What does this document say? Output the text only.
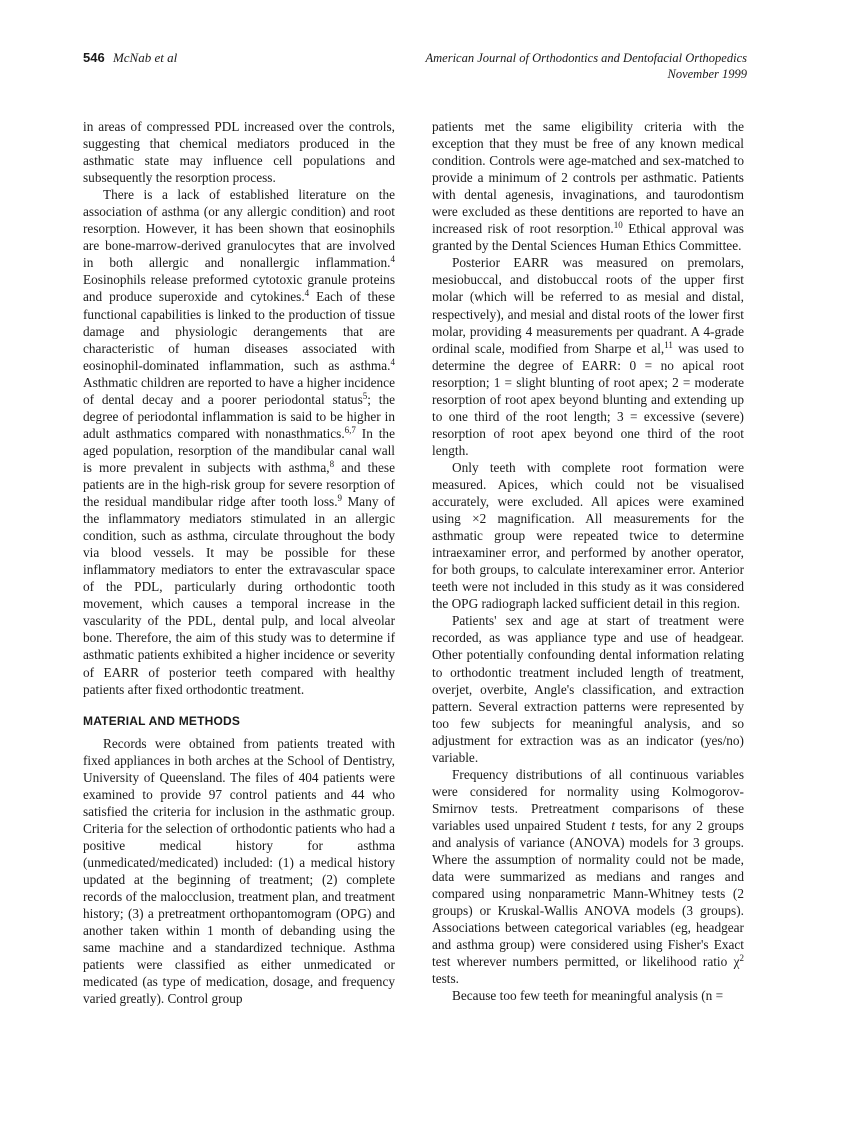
546 McNab et al	American Journal of Orthodontics and Dentofacial Orthopedics
November 1999

in areas of compressed PDL increased over the controls, suggesting that chemical mediators produced in the asthmatic state may influence cell populations and subsequently the resorption process.

There is a lack of established literature on the association of asthma (or any allergic condition) and root resorption. However, it has been shown that eosinophils are bone-marrow-derived granulocytes that are involved in both allergic and nonallergic inflammation.$^4$ Eosinophils release preformed cytotoxic granule proteins and produce superoxide and cytokines.$^4$ Each of these functional capabilities is linked to the production of tissue damage and physiologic derangements that are characteristic of human diseases associated with eosinophil-dominated inflammation, such as asthma.$^4$ Asthmatic children are reported to have a higher incidence of dental decay and a poorer periodontal status$^5$; the degree of periodontal inflammation is said to be higher in adult asthmatics compared with nonasthmatics.$^{6,7}$ In the aged population, resorption of the mandibular canal wall is more prevalent in subjects with asthma,$^8$ and these patients are in the high-risk group for severe resorption of the residual mandibular ridge after tooth loss.$^9$ Many of the inflammatory mediators stimulated in an allergic condition, such as asthma, circulate throughout the body via blood vessels. It may be possible for these inflammatory mediators to enter the extravascular space of the PDL, particularly during orthodontic tooth movement, which causes a temporal increase in the vascularity of the PDL, dental pulp, and local alveolar bone. Therefore, the aim of this study was to determine if asthmatic patients exhibited a higher incidence or severity of EARR of posterior teeth compared with healthy patients after fixed orthodontic treatment.

MATERIAL AND METHODS

Records were obtained from patients treated with fixed appliances in both arches at the School of Dentistry, University of Queensland. The files of 404 patients were examined to provide 97 control patients and 44 who satisfied the criteria for inclusion in the asthmatic group. Criteria for the selection of orthodontic patients who had a positive medical history for asthma (unmedicated/medicated) included: (1) a medical history updated at the beginning of treatment; (2) complete records of the malocclusion, treatment plan, and treatment history; (3) a pretreatment orthopantomogram (OPG) and another taken within 1 month of debanding using the same machine and a standardized technique. Asthma patients were classified as either unmedicated or medicated (as type of medication, dosage, and frequency varied greatly). Control group

patients met the same eligibility criteria with the exception that they must be free of any known medical condition. Controls were age-matched and sex-matched to provide a minimum of 2 controls per asthmatic. Patients with dental agenesis, invaginations, and taurodontism were excluded as these dentitions are reported to have an increased risk of root resorption.$^{10}$ Ethical approval was granted by the Dental Sciences Human Ethics Committee.

Posterior EARR was measured on premolars, mesiobuccal, and distobuccal roots of the upper first molar (which will be referred to as mesial and distal, respectively), and mesial and distal roots of the lower first molar, providing 4 measurements per quadrant. A 4-grade ordinal scale, modified from Sharpe et al,$^{11}$ was used to determine the degree of EARR: 0 = no apical root resorption; 1 = slight blunting of root apex; 2 = moderate resorption of root apex beyond blunting and extending up to one third of the root length; 3 = excessive (severe) resorption of root apex beyond one third of the root length.

Only teeth with complete root formation were measured. Apices, which could not be visualised accurately, were excluded. All apices were examined using ×2 magnification. All measurements for the asthmatic group were repeated twice to determine intraexaminer error, and performed by another operator, for both groups, to calculate interexaminer error. Anterior teeth were not included in this study as it was considered the OPG radiograph lacked sufficient detail in this region.

Patients' sex and age at start of treatment were recorded, as was appliance type and use of headgear. Other potentially confounding dental information relating to orthodontic treatment included length of treatment, overjet, overbite, Angle's classification, and extraction pattern. Several extraction patterns were represented by too few subjects for meaningful analysis, and so adjustment for extraction was as an indicator (yes/no) variable.

Frequency distributions of all continuous variables were considered for normality using Kolmogorov-Smirnov tests. Pretreatment comparisons of these variables used unpaired Student t tests, for any 2 groups and analysis of variance (ANOVA) models for 3 groups. Where the assumption of normality could not be made, data were summarized as medians and ranges and compared using nonparametric Mann-Whitney tests (2 groups) or Kruskal-Wallis ANOVA models (3 groups). Associations between categorical variables (eg, headgear and asthma group) were considered using Fisher's Exact test wherever numbers permitted, or likelihood ratio $\chi^2$ tests.

Because too few teeth for meaningful analysis (n =
